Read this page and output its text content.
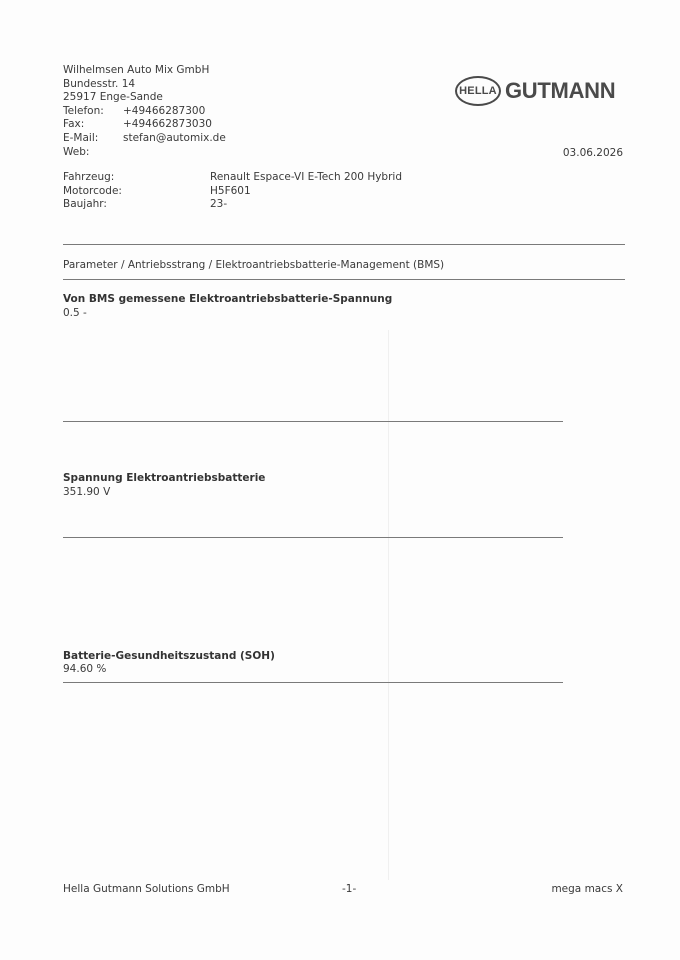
Wilhelmsen Auto Mix GmbH
Bundesstr. 14
25917 Enge-Sande
Telefon:	+49466287300
Fax:	+494662873030
E-Mail:	stefan@automix.de
Web:
HELLA GUTMANN
03.06.2026
Fahrzeug:	Renault Espace-VI E-Tech 200 Hybrid
Motorcode:	H5F601
Baujahr:	23-
Parameter / Antriebsstrang / Elektroantriebsbatterie-Management (BMS)
Von BMS gemessene Elektroantriebsbatterie-Spannung
0.5 -
Spannung Elektroantriebsbatterie
351.90 V
Batterie-Gesundheitszustand (SOH)
94.60 %
Hella Gutmann Solutions GmbH	-1-	mega macs X
